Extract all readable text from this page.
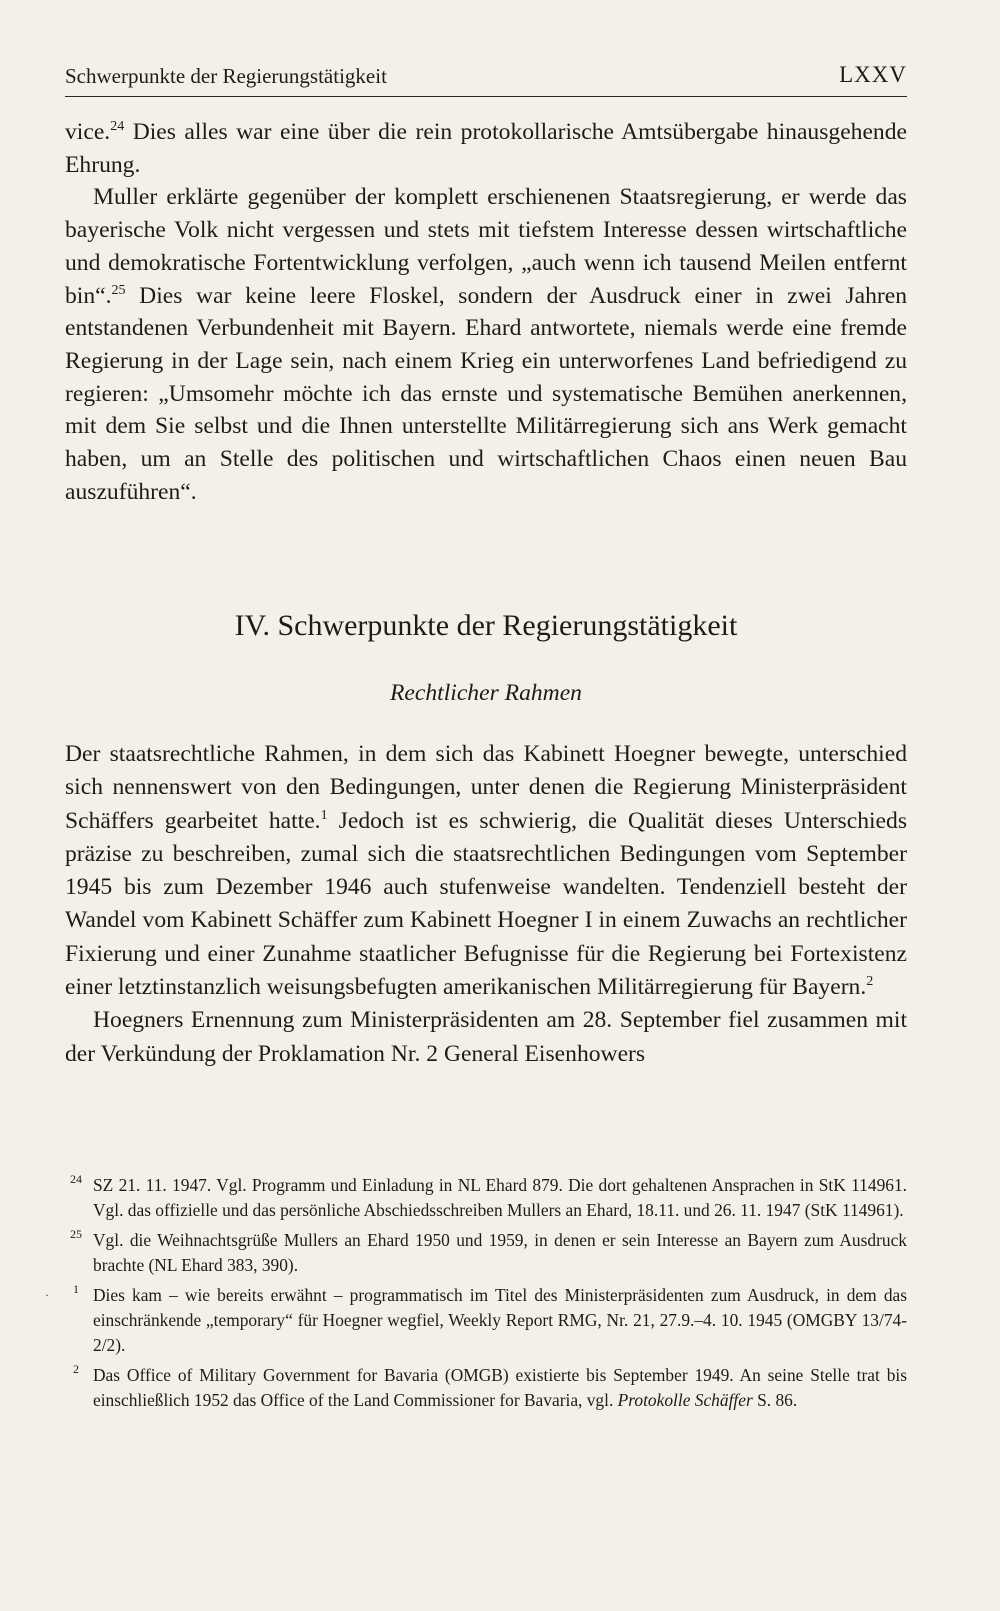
Schwerpunkte der Regierungstätigkeit	LXXV

vice.$^{24}$ Dies alles war eine über die rein protokollarische Amtsübergabe hinausgehende Ehrung.

Muller erklärte gegenüber der komplett erschienenen Staatsregierung, er werde das bayerische Volk nicht vergessen und stets mit tiefstem Interesse dessen wirtschaftliche und demokratische Fortentwicklung verfolgen, „auch wenn ich tausend Meilen entfernt bin“.$^{25}$ Dies war keine leere Floskel, sondern der Ausdruck einer in zwei Jahren entstandenen Verbundenheit mit Bayern. Ehard antwortete, niemals werde eine fremde Regierung in der Lage sein, nach einem Krieg ein unterworfenes Land befriedigend zu regieren: „Umsomehr möchte ich das ernste und systematische Bemühen anerkennen, mit dem Sie selbst und die Ihnen unterstellte Militärregierung sich ans Werk gemacht haben, um an Stelle des politischen und wirtschaftlichen Chaos einen neuen Bau auszuführen“.

IV. Schwerpunkte der Regierungstätigkeit
Rechtlicher Rahmen

Der staatsrechtliche Rahmen, in dem sich das Kabinett Hoegner bewegte, unterschied sich nennenswert von den Bedingungen, unter denen die Regierung Ministerpräsident Schäffers gearbeitet hatte.$^1$ Jedoch ist es schwierig, die Qualität dieses Unterschieds präzise zu beschreiben, zumal sich die staatsrechtlichen Bedingungen vom September 1945 bis zum Dezember 1946 auch stufenweise wandelten. Tendenziell besteht der Wandel vom Kabinett Schäffer zum Kabinett Hoegner I in einem Zuwachs an rechtlicher Fixierung und einer Zunahme staatlicher Befugnisse für die Regierung bei Fortexistenz einer letztinstanzlich weisungsbefugten amerikanischen Militärregierung für Bayern.$^2$

Hoegners Ernennung zum Ministerpräsidenten am 28. September fiel zusammen mit der Verkündung der Proklamation Nr. 2 General Eisenhowers

24 SZ 21. 11. 1947. Vgl. Programm und Einladung in NL Ehard 879. Die dort gehaltenen Ansprachen in StK 114961. Vgl. das offizielle und das persönliche Abschiedsschreiben Mullers an Ehard, 18.11. und 26. 11. 1947 (StK 114961).

25 Vgl. die Weihnachtsgrüße Mullers an Ehard 1950 und 1959, in denen er sein Interesse an Bayern zum Ausdruck brachte (NL Ehard 383, 390).

·	1 Dies kam – wie bereits erwähnt – programmatisch im Titel des Ministerpräsidenten zum Ausdruck, in dem das einschränkende „temporary“ für Hoegner wegfiel, Weekly Report RMG, Nr. 21, 27.9.–4. 10. 1945 (OMGBY 13/74-2/2).

2 Das Office of Military Government for Bavaria (OMGB) existierte bis September 1949. An seine Stelle trat bis einschließlich 1952 das Office of the Land Commissioner for Bavaria, vgl. Protokolle Schäffer S. 86.
